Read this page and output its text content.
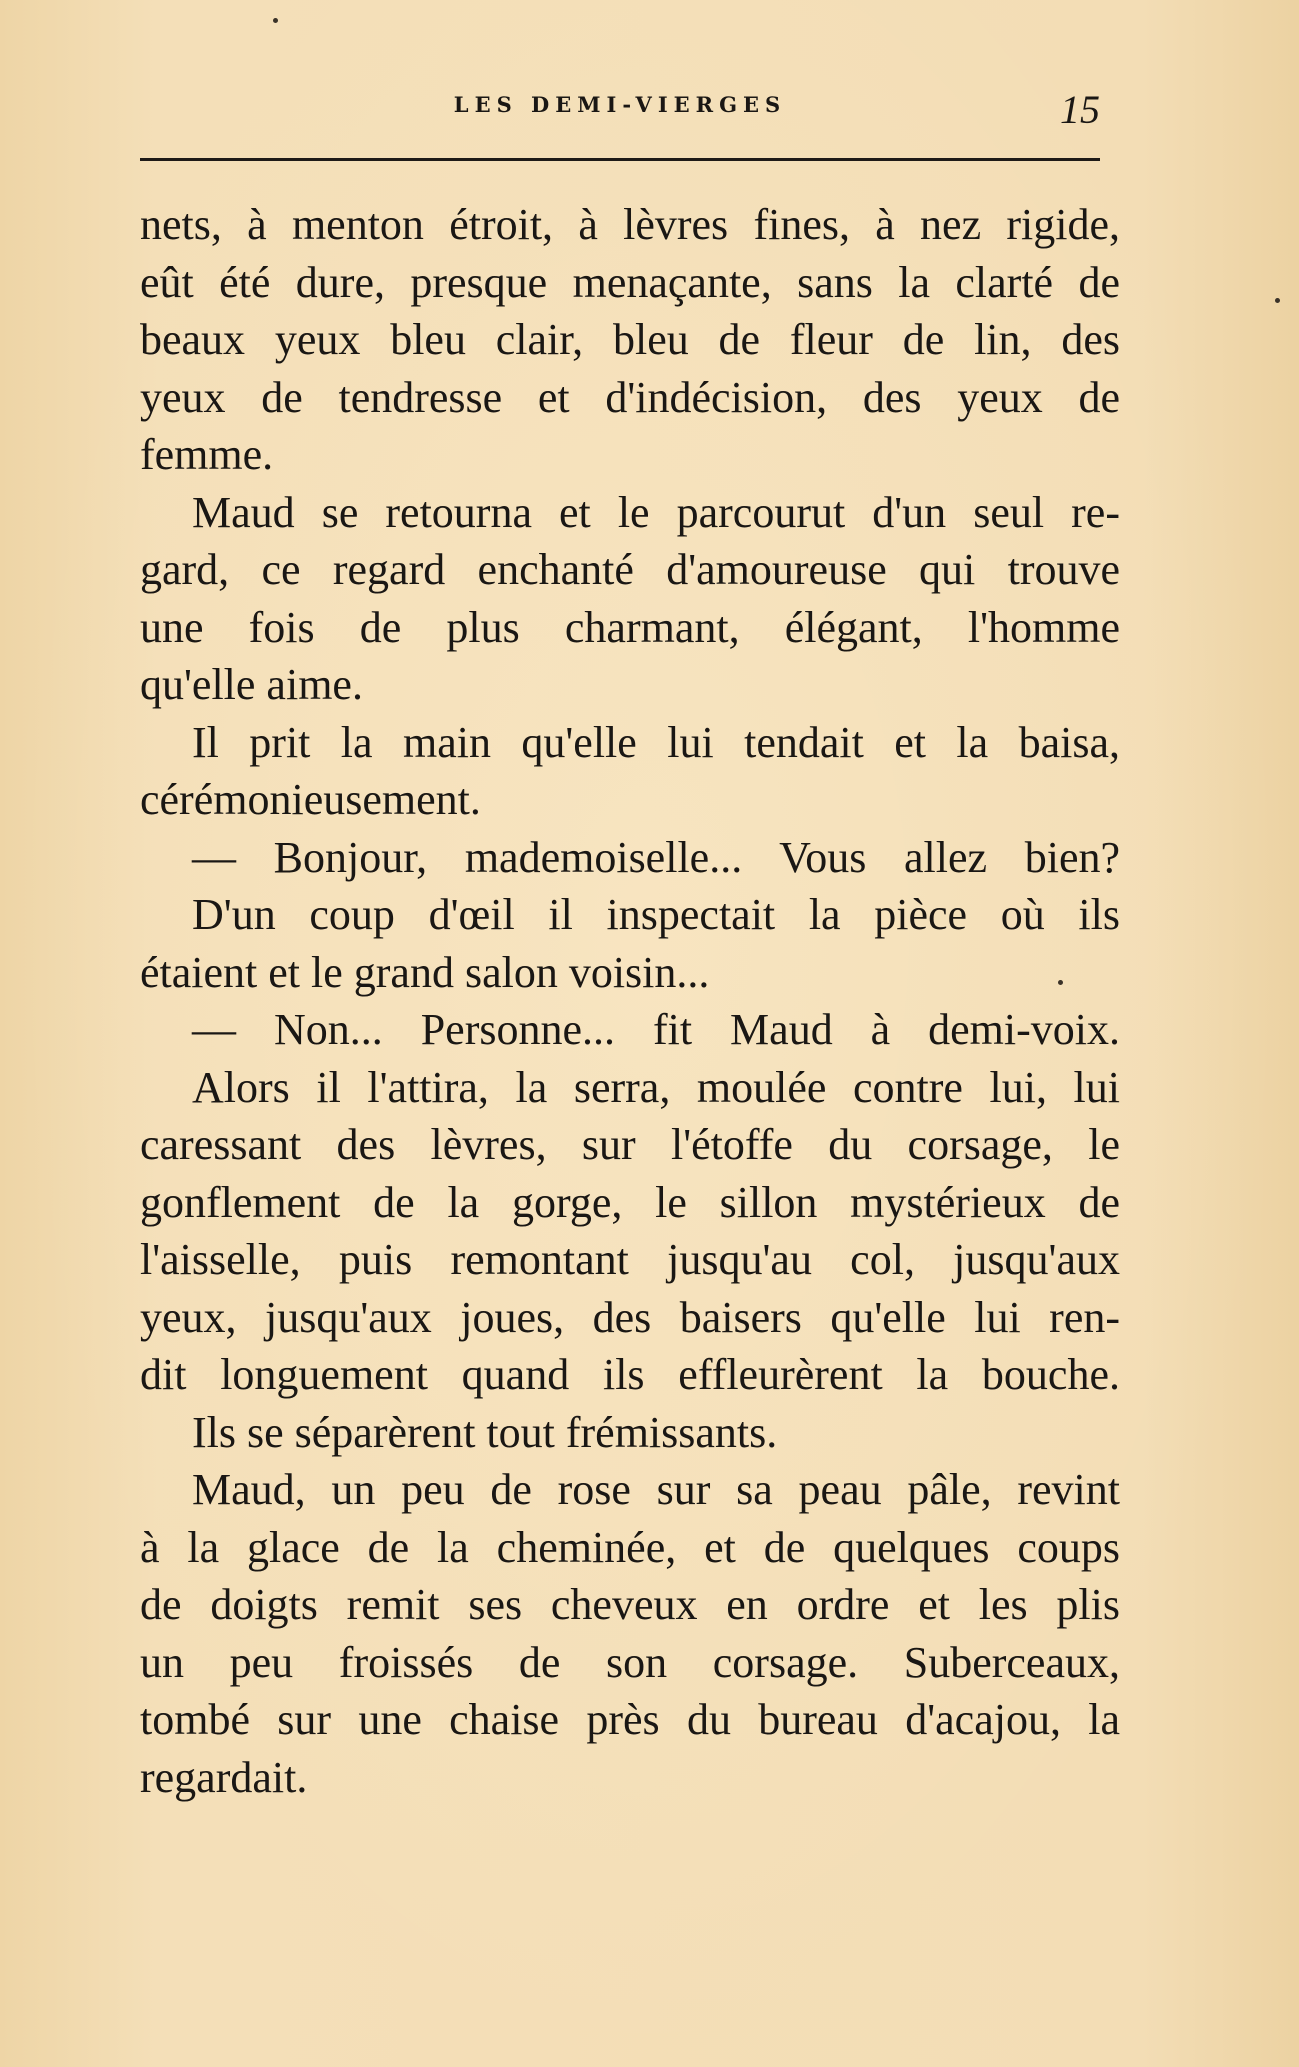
LES DEMI-VIERGES	15
nets, à menton étroit, à lèvres fines, à nez rigide,
eût été dure, presque menaçante, sans la clarté de
beaux yeux bleu clair, bleu de fleur de lin, des
yeux de tendresse et d'indécision, des yeux de
femme.
Maud se retourna et le parcourut d'un seul re-
gard, ce regard enchanté d'amoureuse qui trouve
une fois de plus charmant, élégant, l'homme
qu'elle aime.
Il prit la main qu'elle lui tendait et la baisa,
cérémonieusement.
— Bonjour, mademoiselle... Vous allez bien?
D'un coup d'œil il inspectait la pièce où ils
étaient et le grand salon voisin...
— Non... Personne... fit Maud à demi-voix.
Alors il l'attira, la serra, moulée contre lui, lui
caressant des lèvres, sur l'étoffe du corsage, le
gonflement de la gorge, le sillon mystérieux de
l'aisselle, puis remontant jusqu'au col, jusqu'aux
yeux, jusqu'aux joues, des baisers qu'elle lui ren-
dit longuement quand ils effleurèrent la bouche.
Ils se séparèrent tout frémissants.
Maud, un peu de rose sur sa peau pâle, revint
à la glace de la cheminée, et de quelques coups
de doigts remit ses cheveux en ordre et les plis
un peu froissés de son corsage. Suberceaux,
tombé sur une chaise près du bureau d'acajou, la
regardait.
